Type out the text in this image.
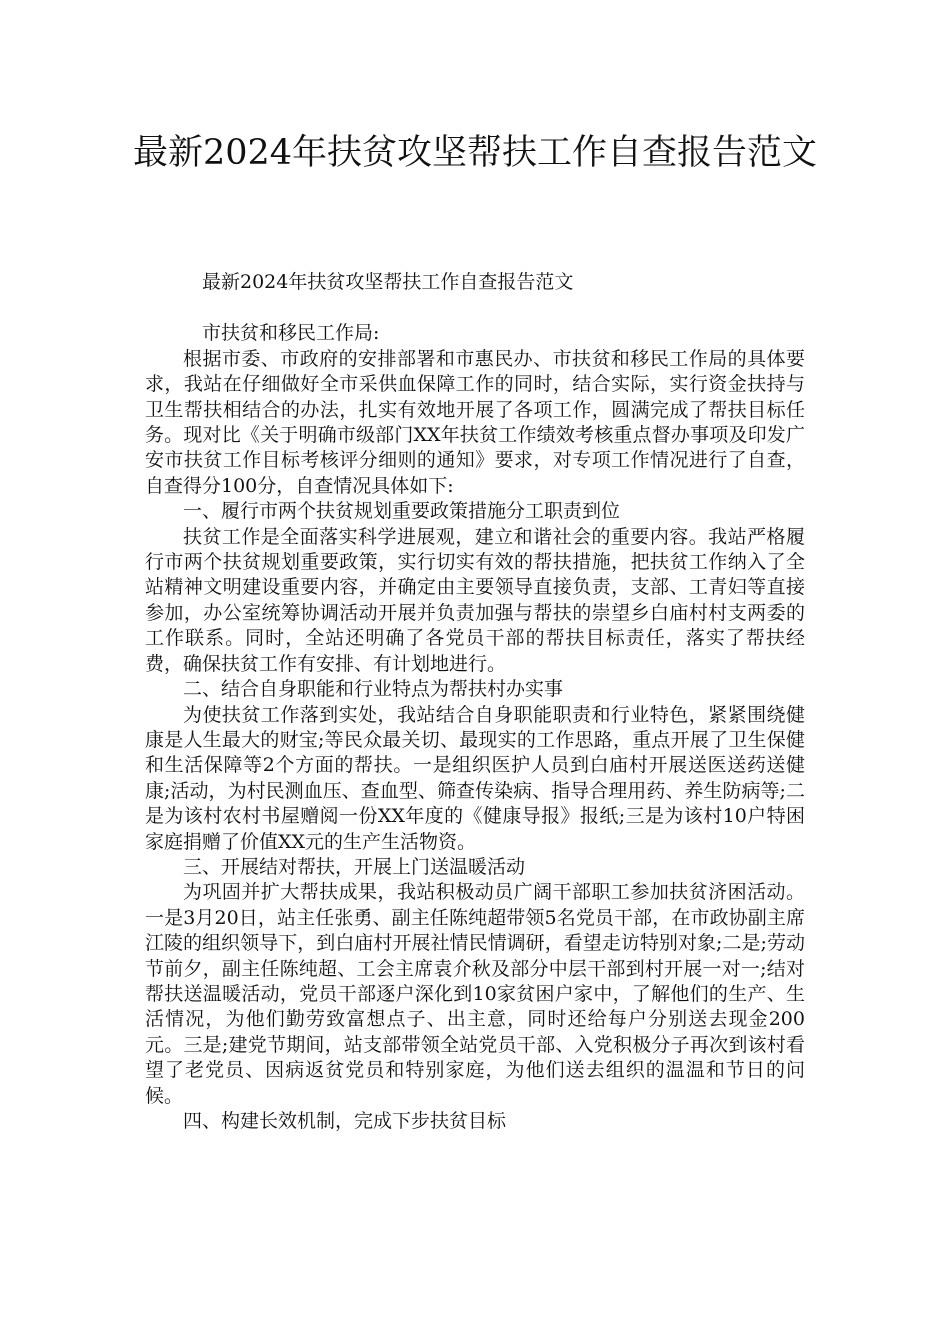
最新2024年扶贫攻坚帮扶工作自查报告范文

最新2024年扶贫攻坚帮扶工作自查报告范文

市扶贫和移民工作局:

根据市委、市政府的安排部署和市惠民办、市扶贫和移民工作局的具体要求，我站在仔细做好全市采供血保障工作的同时，结合实际，实行资金扶持与卫生帮扶相结合的办法，扎实有效地开展了各项工作，圆满完成了帮扶目标任务。现对比《关于明确市级部门XX年扶贫工作绩效考核重点督办事项及印发广安市扶贫工作目标考核评分细则的通知》要求，对专项工作情况进行了自查，自查得分100分，自查情况具体如下:

一、履行市两个扶贫规划重要政策措施分工职责到位

扶贫工作是全面落实科学进展观，建立和谐社会的重要内容。我站严格履行市两个扶贫规划重要政策，实行切实有效的帮扶措施，把扶贫工作纳入了全站精神文明建设重要内容，并确定由主要领导直接负责，支部、工青妇等直接参加，办公室统筹协调活动开展并负责加强与帮扶的崇望乡白庙村村支两委的工作联系。同时，全站还明确了各党员干部的帮扶目标责任，落实了帮扶经费，确保扶贫工作有安排、有计划地进行。

二、结合自身职能和行业特点为帮扶村办实事

为使扶贫工作落到实处，我站结合自身职能职责和行业特色，紧紧围绕健康是人生最大的财宝;等民众最关切、最现实的工作思路，重点开展了卫生保健和生活保障等2个方面的帮扶。一是组织医护人员到白庙村开展送医送药送健康;活动，为村民测血压、查血型、筛查传染病、指导合理用药、养生防病等;二是为该村农村书屋赠阅一份XX年度的《健康导报》报纸;三是为该村10户特困家庭捐赠了价值XX元的生产生活物资。

三、开展结对帮扶，开展上门送温暖活动

为巩固并扩大帮扶成果，我站积极动员广阔干部职工参加扶贫济困活动。一是3月20日，站主任张勇、副主任陈纯超带领5名党员干部，在市政协副主席江陵的组织领导下，到白庙村开展社情民情调研，看望走访特别对象;二是;劳动节前夕，副主任陈纯超、工会主席袁介秋及部分中层干部到村开展一对一;结对帮扶送温暖活动，党员干部逐户深化到10家贫困户家中，了解他们的生产、生活情况，为他们勤劳致富想点子、出主意，同时还给每户分别送去现金200元。三是;建党节期间，站支部带领全站党员干部、入党积极分子再次到该村看望了老党员、因病返贫党员和特别家庭，为他们送去组织的温温和节日的问候。

四、构建长效机制，完成下步扶贫目标
